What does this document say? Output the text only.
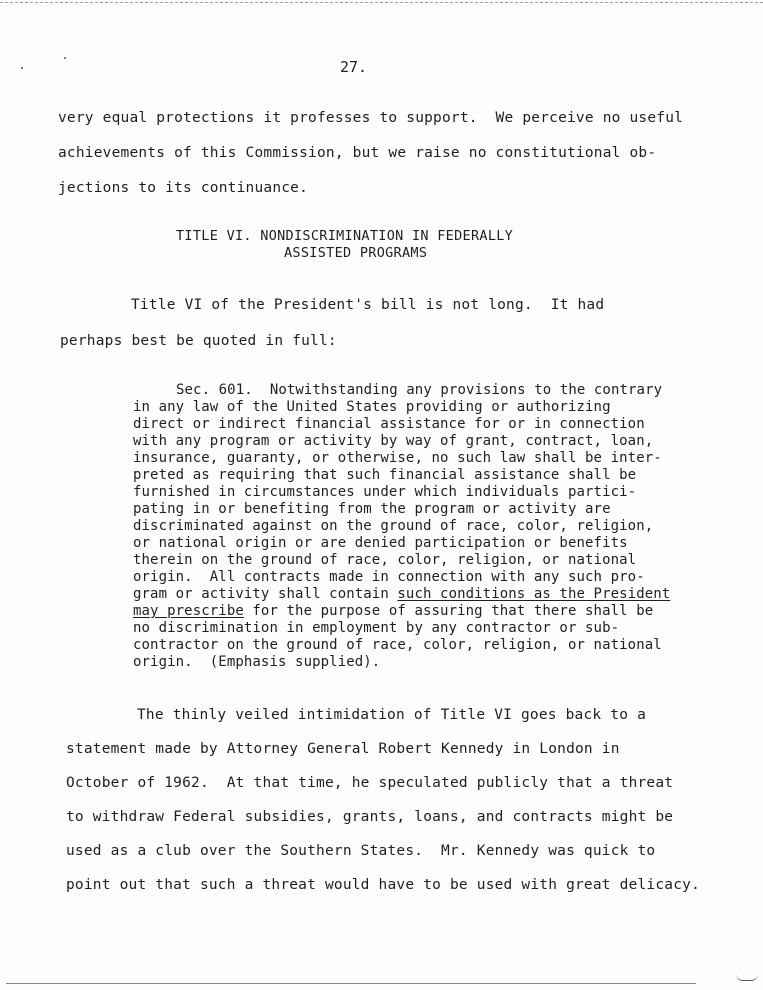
27.
very equal protections it professes to support.  We perceive no useful
achievements of this Commission, but we raise no constitutional ob-
jections to its continuance.
TITLE VI. NONDISCRIMINATION IN FEDERALLY
ASSISTED PROGRAMS
Title VI of the President's bill is not long.  It had
perhaps best be quoted in full:
Sec. 601.  Notwithstanding any provisions to the contrary
in any law of the United States providing or authorizing
direct or indirect financial assistance for or in connection
with any program or activity by way of grant, contract, loan,
insurance, guaranty, or otherwise, no such law shall be inter-
preted as requiring that such financial assistance shall be
furnished in circumstances under which individuals partici-
pating in or benefiting from the program or activity are
discriminated against on the ground of race, color, religion,
or national origin or are denied participation or benefits
therein on the ground of race, color, religion, or national
origin.  All contracts made in connection with any such pro-
gram or activity shall contain such conditions as the President
may prescribe for the purpose of assuring that there shall be
no discrimination in employment by any contractor or sub-
contractor on the ground of race, color, religion, or national
origin.  (Emphasis supplied).
The thinly veiled intimidation of Title VI goes back to a
statement made by Attorney General Robert Kennedy in London in
October of 1962.  At that time, he speculated publicly that a threat
to withdraw Federal subsidies, grants, loans, and contracts might be
used as a club over the Southern States.  Mr. Kennedy was quick to
point out that such a threat would have to be used with great delicacy.
